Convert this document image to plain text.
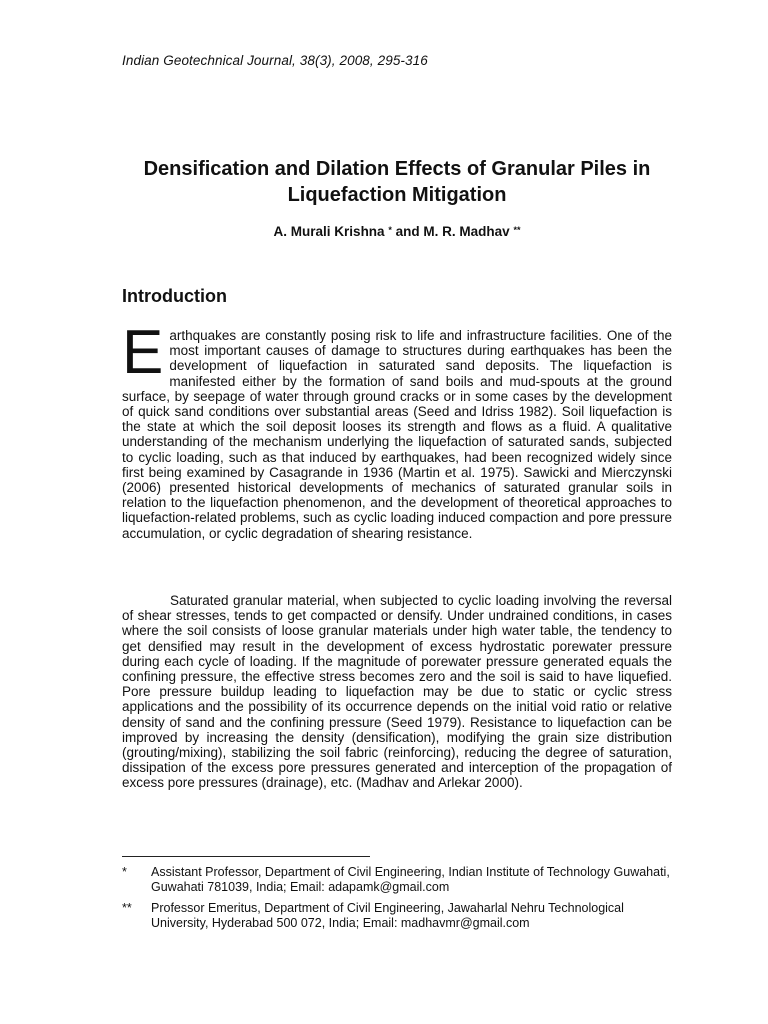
Indian Geotechnical Journal, 38(3), 2008, 295-316
Densification and Dilation Effects of Granular Piles in Liquefaction Mitigation
A. Murali Krishna * and M. R. Madhav **
Introduction
E arthquakes are constantly posing risk to life and infrastructure facilities. One of the most important causes of damage to structures during earthquakes has been the development of liquefaction in saturated sand deposits. The liquefaction is manifested either by the formation of sand boils and mud-spouts at the ground surface, by seepage of water through ground cracks or in some cases by the development of quick sand conditions over substantial areas (Seed and Idriss 1982). Soil liquefaction is the state at which the soil deposit looses its strength and flows as a fluid. A qualitative understanding of the mechanism underlying the liquefaction of saturated sands, subjected to cyclic loading, such as that induced by earthquakes, had been recognized widely since first being examined by Casagrande in 1936 (Martin et al. 1975). Sawicki and Mierczynski (2006) presented historical developments of mechanics of saturated granular soils in relation to the liquefaction phenomenon, and the development of theoretical approaches to liquefaction-related problems, such as cyclic loading induced compaction and pore pressure accumulation, or cyclic degradation of shearing resistance.
Saturated granular material, when subjected to cyclic loading involving the reversal of shear stresses, tends to get compacted or densify. Under undrained conditions, in cases where the soil consists of loose granular materials under high water table, the tendency to get densified may result in the development of excess hydrostatic porewater pressure during each cycle of loading. If the magnitude of porewater pressure generated equals the confining pressure, the effective stress becomes zero and the soil is said to have liquefied. Pore pressure buildup leading to liquefaction may be due to static or cyclic stress applications and the possibility of its occurrence depends on the initial void ratio or relative density of sand and the confining pressure (Seed 1979). Resistance to liquefaction can be improved by increasing the density (densification), modifying the grain size distribution (grouting/mixing), stabilizing the soil fabric (reinforcing), reducing the degree of saturation, dissipation of the excess pore pressures generated and interception of the propagation of excess pore pressures (drainage), etc. (Madhav and Arlekar 2000).
* Assistant Professor, Department of Civil Engineering, Indian Institute of Technology Guwahati, Guwahati 781039, India; Email: adapamk@gmail.com
** Professor Emeritus, Department of Civil Engineering, Jawaharlal Nehru Technological University, Hyderabad 500 072, India; Email: madhavmr@gmail.com
